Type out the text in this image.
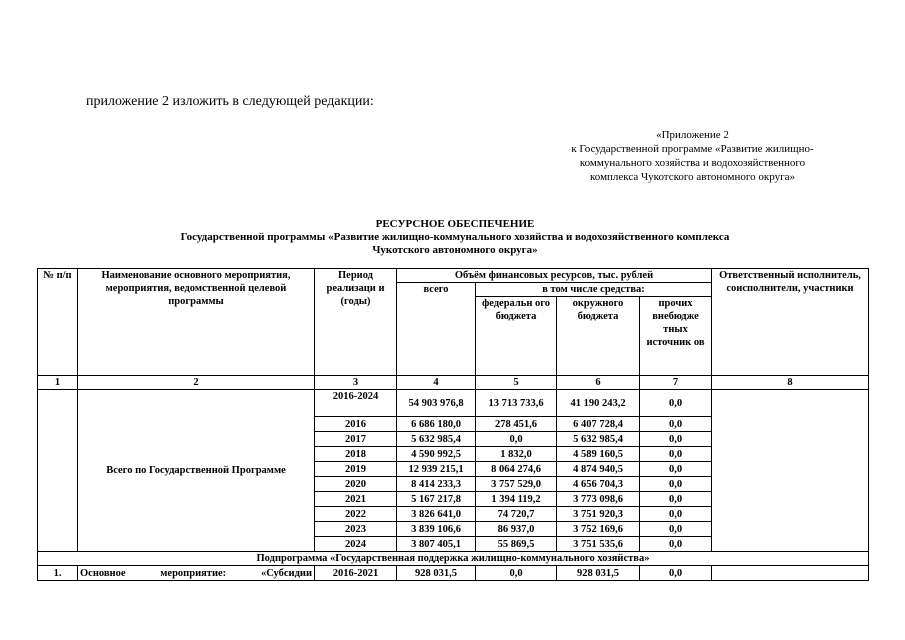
приложение 2 изложить в следующей редакции:
«Приложение 2
к Государственной программе «Развитие жилищно-
коммунального хозяйства и водохозяйственного
комплекса Чукотского автономного округа»
РЕСУРСНОЕ ОБЕСПЕЧЕНИЕ
Государственной программы «Развитие жилищно-коммунального хозяйства и водохозяйственного комплекса
Чукотского автономного округа»
№ п/п	Наименование основного мероприятия, мероприятия, ведомственной целевой программы	Период реализаци и (годы)	Объём финансовых ресурсов, тыс. рублей				Ответственный исполнитель, соисполнители, участники
			всего	в том числе средства:			
				федеральн ого бюджета	окружного бюджета	прочих внебюдже тных источник ов	
1	2	3	4	5	6	7	8
	Всего по Государственной Программе	2016-2024	54 903 976,8	13 713 733,6	41 190 243,2	0,0	
		2016	6 686 180,0	278 451,6	6 407 728,4	0,0	
		2017	5 632 985,4	0,0	5 632 985,4	0,0	
		2018	4 590 992,5	1 832,0	4 589 160,5	0,0	
		2019	12 939 215,1	8 064 274,6	4 874 940,5	0,0	
		2020	8 414 233,3	3 757 529,0	4 656 704,3	0,0	
		2021	5 167 217,8	1 394 119,2	3 773 098,6	0,0	
		2022	3 826 641,0	74 720,7	3 751 920,3	0,0	
		2023	3 839 106,6	86 937,0	3 752 169,6	0,0	
		2024	3 807 405,1	55 869,5	3 751 535,6	0,0	
Подпрограмма «Государственная поддержка жилищно-коммунального хозяйства»							
1.	Основное мероприятие: «Субсидии	2016-2021	928 031,5	0,0	928 031,5	0,0	
